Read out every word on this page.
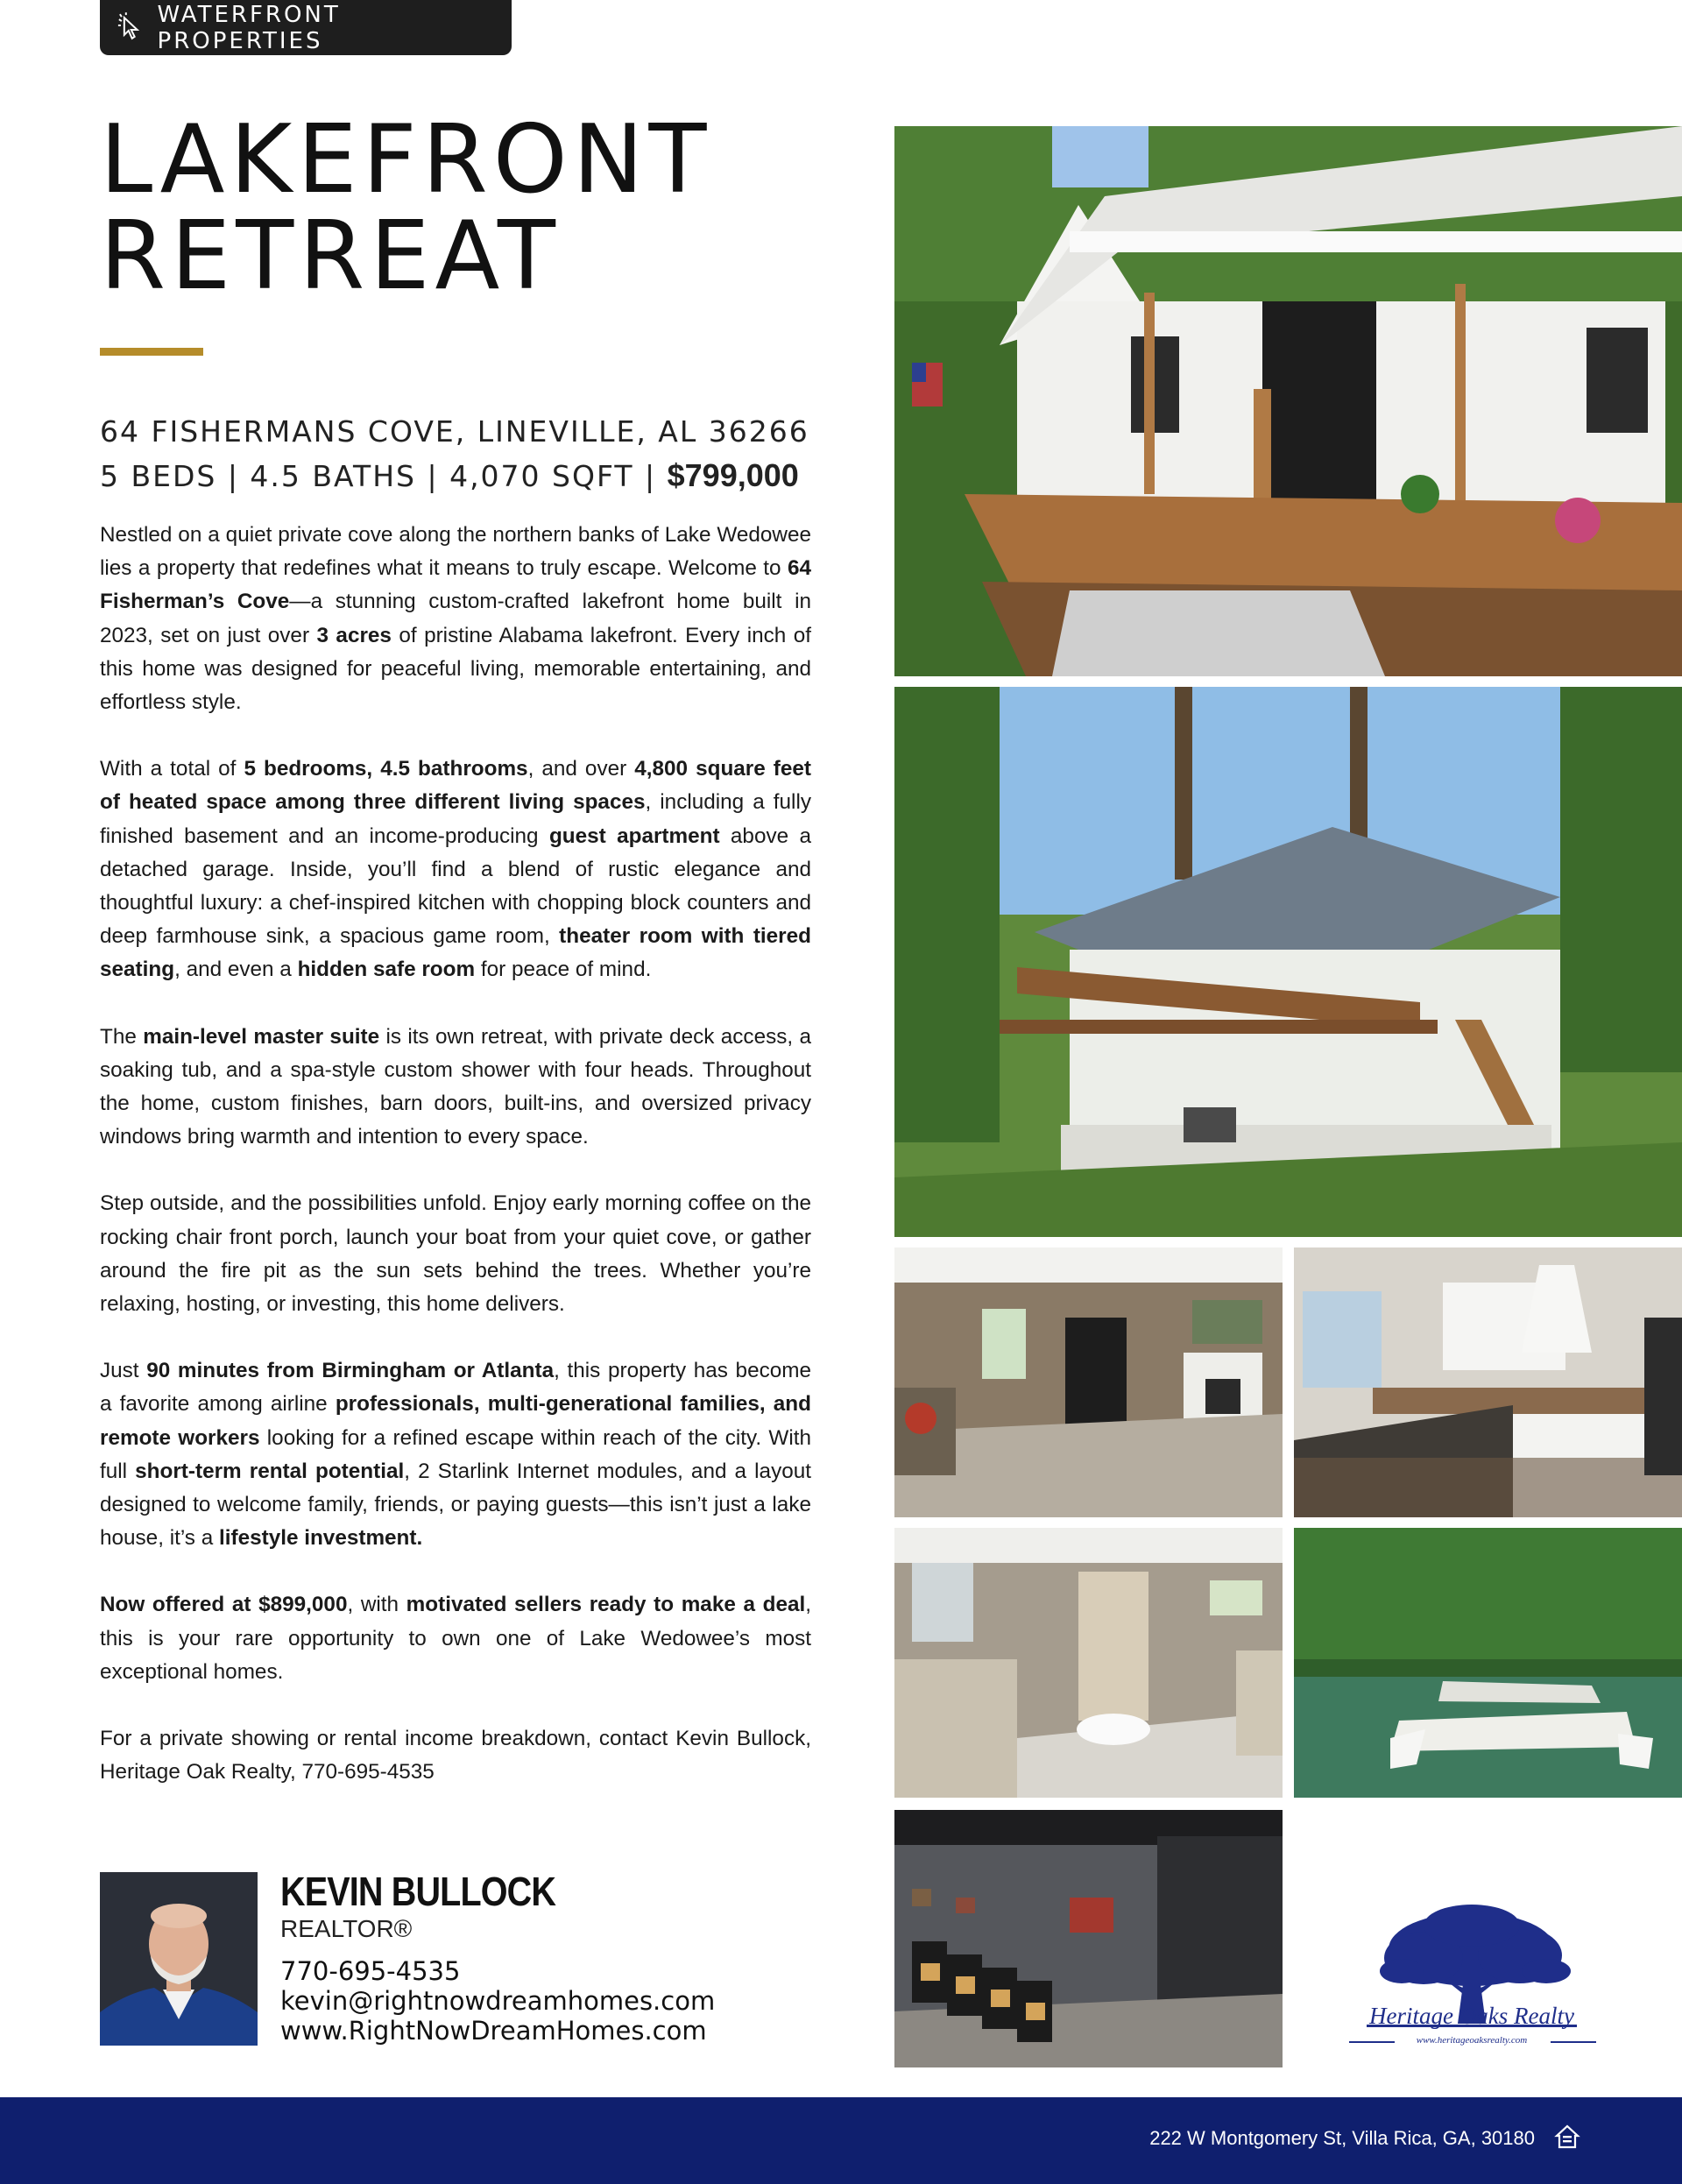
WATERFRONT PROPERTIES
LAKEFRONT
RETREAT
64 FISHERMANS COVE, LINEVILLE, AL 36266
5 BEDS | 4.5 BATHS | 4,070 SQFT | $799,000

Nestled on a quiet private cove along the northern banks of Lake Wedowee lies a property that redefines what it means to truly escape. Welcome to 64 Fisherman’s Cove—a stunning custom-crafted lakefront home built in 2023, set on just over 3 acres of pristine Alabama lakefront. Every inch of this home was designed for peaceful living, memorable entertaining, and effortless style.

With a total of 5 bedrooms, 4.5 bathrooms, and over 4,800 square feet of heated space among three different living spaces, including a fully finished basement and an income-producing guest apartment above a detached garage. Inside, you’ll find a blend of rustic elegance and thoughtful luxury: a chef-inspired kitchen with chopping block counters and deep farmhouse sink, a spacious game room, theater room with tiered seating, and even a hidden safe room for peace of mind.

The main-level master suite is its own retreat, with private deck access, a soaking tub, and a spa-style custom shower with four heads. Throughout the home, custom finishes, barn doors, built-ins, and oversized privacy windows bring warmth and intention to every space.

Step outside, and the possibilities unfold. Enjoy early morning coffee on the rocking chair front porch, launch your boat from your quiet cove, or gather around the fire pit as the sun sets behind the trees. Whether you’re relaxing, hosting, or investing, this home delivers.

Just 90 minutes from Birmingham or Atlanta, this property has become a favorite among airline professionals, multi-generational families, and remote workers looking for a refined escape within reach of the city. With full short-term rental potential, 2 Starlink Internet modules, and a layout designed to welcome family, friends, or paying guests—this isn’t just a lake house, it’s a lifestyle investment.

Now offered at $899,000, with motivated sellers ready to make a deal, this is your rare opportunity to own one of Lake Wedowee’s most exceptional homes.

For a private showing or rental income breakdown, contact Kevin Bullock, Heritage Oak Realty, 770-695-4535

KEVIN BULLOCK
REALTOR®
770-695-4535
kevin@rightnowdreamhomes.com
www.RightNowDreamHomes.com	Heritage Oaks Realty
www.heritageoaksrealty.com
222 W Montgomery St, Villa Rica, GA, 30180
